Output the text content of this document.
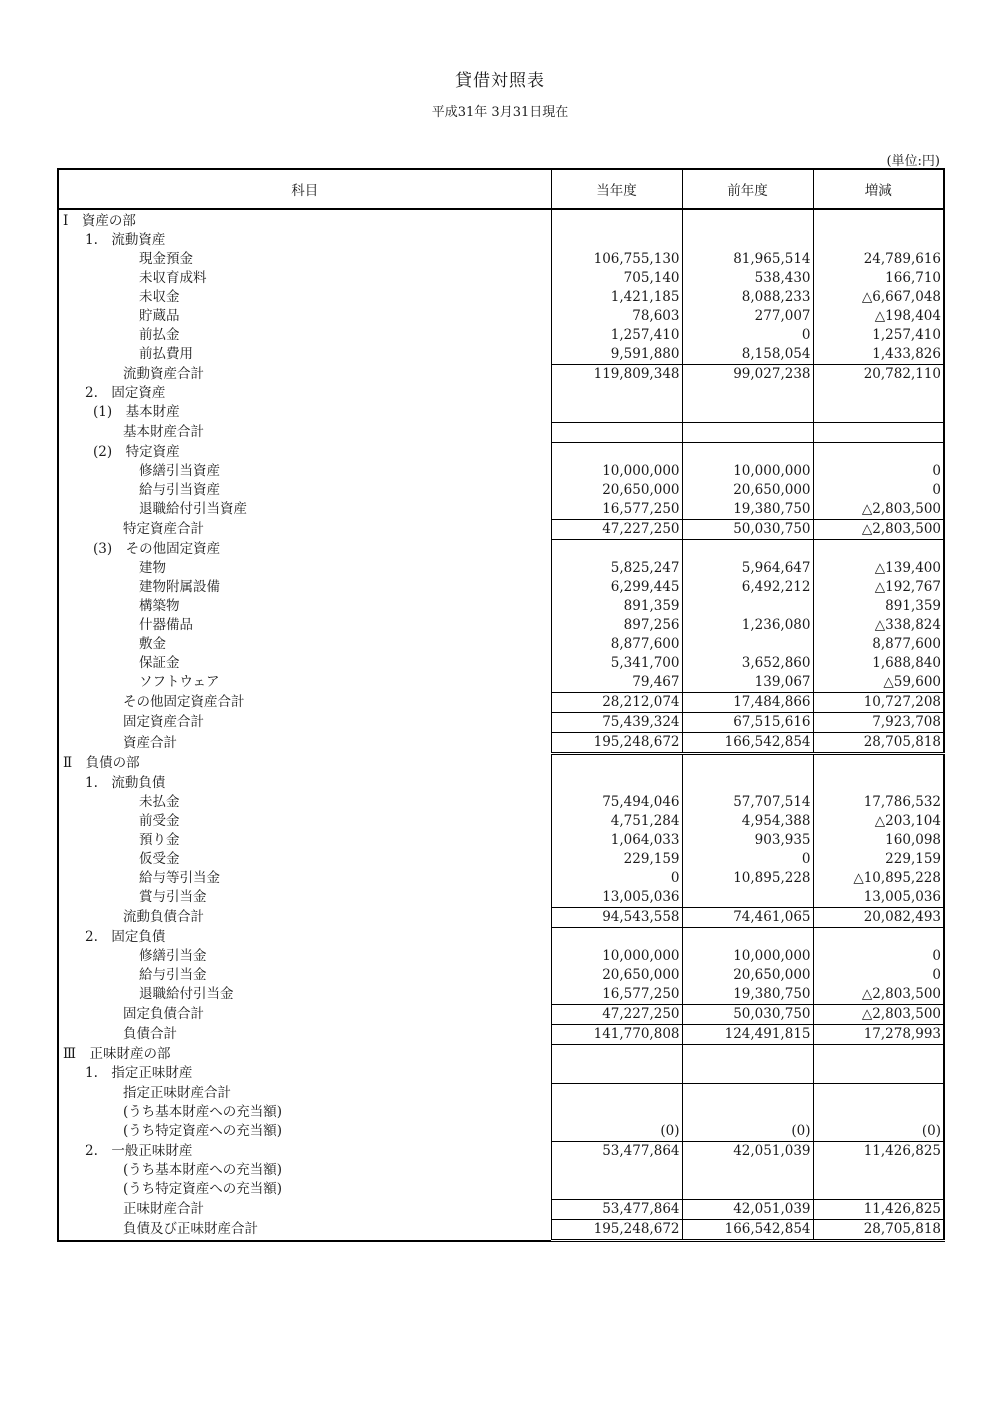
貸借対照表
平成31年 3月31日現在
(単位:円)
科目	当年度	前年度	増減

Ⅰ　資産の部			
1.　流動資産			
現金預金	106,755,130	81,965,514	24,789,616
未収育成料	705,140	538,430	166,710
未収金	1,421,185	8,088,233	△6,667,048
貯蔵品	78,603	277,007	△198,404
前払金	1,257,410	0	1,257,410
前払費用	9,591,880	8,158,054	1,433,826
流動資産合計	119,809,348	99,027,238	20,782,110
2.　固定資産			
(1)　基本財産			
基本財産合計			
(2)　特定資産			
修繕引当資産	10,000,000	10,000,000	0
給与引当資産	20,650,000	20,650,000	0
退職給付引当資産	16,577,250	19,380,750	△2,803,500
特定資産合計	47,227,250	50,030,750	△2,803,500
(3)　その他固定資産			
建物	5,825,247	5,964,647	△139,400
建物附属設備	6,299,445	6,492,212	△192,767
構築物	891,359		891,359
什器備品	897,256	1,236,080	△338,824
敷金	8,877,600		8,877,600
保証金	5,341,700	3,652,860	1,688,840
ソフトウェア	79,467	139,067	△59,600
その他固定資産合計	28,212,074	17,484,866	10,727,208
固定資産合計	75,439,324	67,515,616	7,923,708
資産合計	195,248,672	166,542,854	28,705,818
Ⅱ　負債の部			
1.　流動負債			
未払金	75,494,046	57,707,514	17,786,532
前受金	4,751,284	4,954,388	△203,104
預り金	1,064,033	903,935	160,098
仮受金	229,159	0	229,159
給与等引当金	0	10,895,228	△10,895,228
賞与引当金	13,005,036		13,005,036
流動負債合計	94,543,558	74,461,065	20,082,493
2.　固定負債			
修繕引当金	10,000,000	10,000,000	0
給与引当金	20,650,000	20,650,000	0
退職給付引当金	16,577,250	19,380,750	△2,803,500
固定負債合計	47,227,250	50,030,750	△2,803,500
負債合計	141,770,808	124,491,815	17,278,993
Ⅲ　正味財産の部			
1.　指定正味財産			
指定正味財産合計			
(うち基本財産への充当額)			
(うち特定資産への充当額)	(0)	(0)	(0)
2.　一般正味財産	53,477,864	42,051,039	11,426,825
(うち基本財産への充当額)			
(うち特定資産への充当額)			
正味財産合計	53,477,864	42,051,039	11,426,825
負債及び正味財産合計	195,248,672	166,542,854	28,705,818
